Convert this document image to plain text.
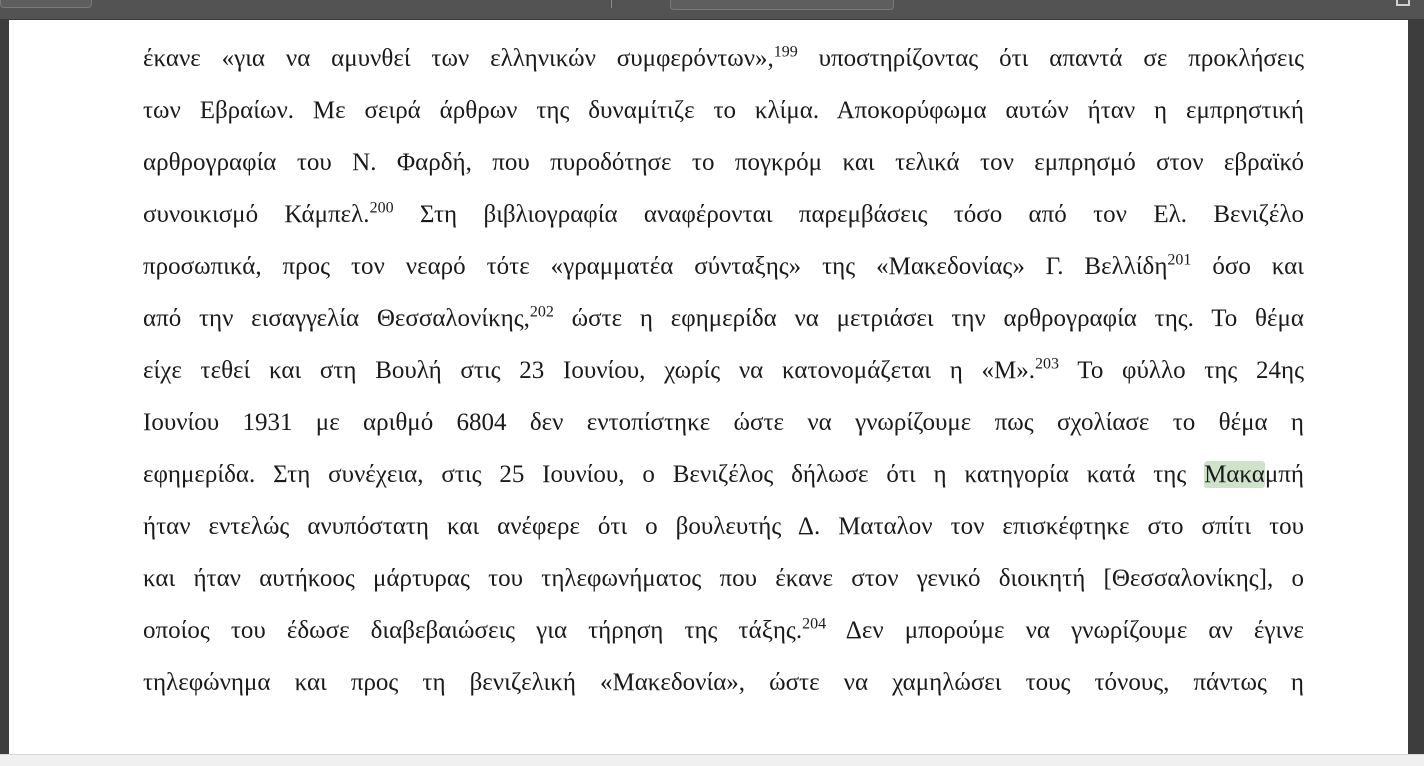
έκανε «για να αμυνθεί των ελληνικών συμφερόντων»,$^{199}$ υποστηρίζοντας ότι απαντά σε προκλήσεις

των Εβραίων. Με σειρά άρθρων της δυναμίτιζε το κλίμα. Αποκορύφωμα αυτών ήταν η εμπρηστική

αρθρογραφία του Ν. Φαρδή, που πυροδότησε το πογκρόμ και τελικά τον εμπρησμό στον εβραϊκό

συνοικισμό Κάμπελ.$^{200}$ Στη βιβλιογραφία αναφέρονται παρεμβάσεις τόσο από τον Ελ. Βενιζέλο

προσωπικά, προς τον νεαρό τότε «γραμματέα σύνταξης» της «Μακεδονίας» Γ. Βελλίδη$^{201}$ όσο και

από την εισαγγελία Θεσσαλονίκης,$^{202}$ ώστε η εφημερίδα να μετριάσει την αρθρογραφία της. Το θέμα

είχε τεθεί και στη Βουλή στις 23 Ιουνίου, χωρίς να κατονομάζεται η «Μ».$^{203}$ Το φύλλο της 24ης

Ιουνίου 1931 με αριθμό 6804 δεν εντοπίστηκε ώστε να γνωρίζουμε πως σχολίασε το θέμα η

εφημερίδα. Στη συνέχεια, στις 25 Ιουνίου, ο Βενιζέλος δήλωσε ότι η κατηγορία κατά της Μακαμπή

ήταν εντελώς ανυπόστατη και ανέφερε ότι ο βουλευτής Δ. Ματαλον τον επισκέφτηκε στο σπίτι του

και ήταν αυτήκοος μάρτυρας του τηλεφωνήματος που έκανε στον γενικό διοικητή [Θεσσαλονίκης], ο

οποίος του έδωσε διαβεβαιώσεις για τήρηση της τάξης.$^{204}$ Δεν μπορούμε να γνωρίζουμε αν έγινε

τηλεφώνημα και προς τη βενιζελική «Μακεδονία», ώστε να χαμηλώσει τους τόνους, πάντως η
